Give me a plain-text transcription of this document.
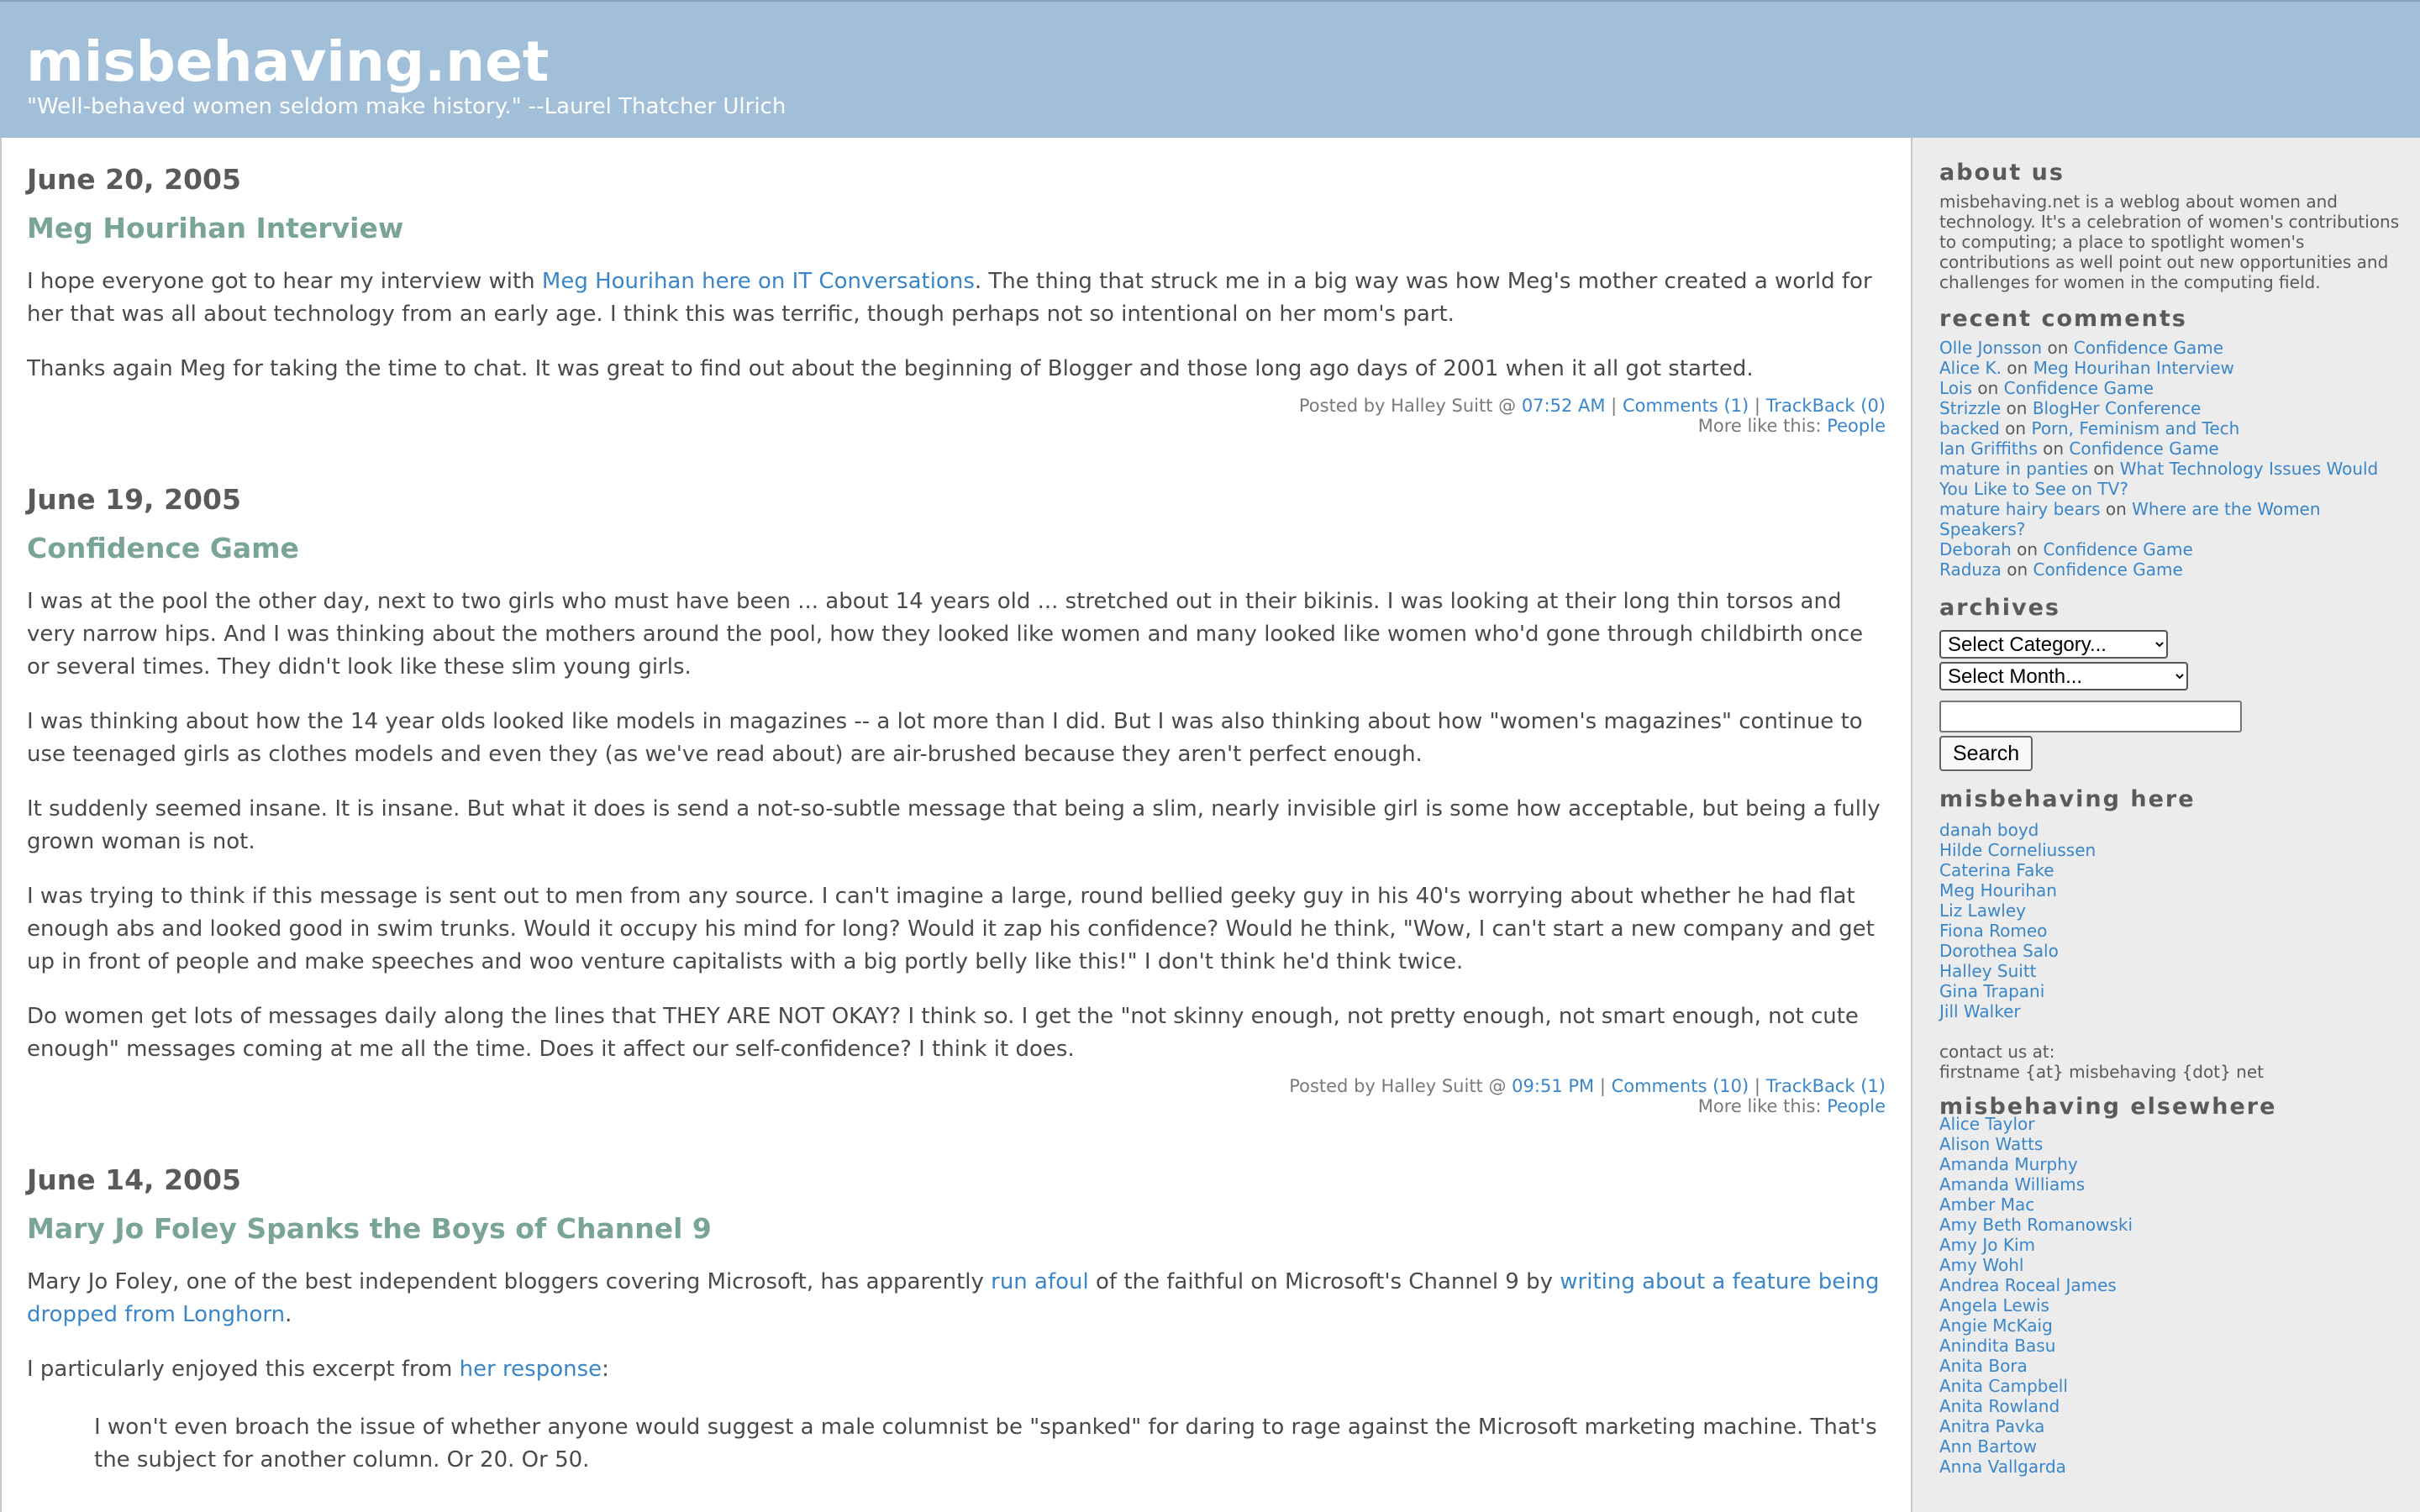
misbehaving.net
"Well-behaved women seldom make history." --Laurel Thatcher Ulrich
June 20, 2005
Meg Hourihan Interview

I hope everyone got to hear my interview with Meg Hourihan here on IT Conversations. The thing that struck me in a big way was how Meg's mother created a world for her that was all about technology from an early age. I think this was terrific, though perhaps not so intentional on her mom's part.

Thanks again Meg for taking the time to chat. It was great to find out about the beginning of Blogger and those long ago days of 2001 when it all got started.

Posted by Halley Suitt @ 07:52 AM | Comments (1) | TrackBack (0)
More like this: People
June 19, 2005
Confidence Game

I was at the pool the other day, next to two girls who must have been ... about 14 years old ... stretched out in their bikinis. I was looking at their long thin torsos and very narrow hips. And I was thinking about the mothers around the pool, how they looked like women and many looked like women who'd gone through childbirth once or several times. They didn't look like these slim young girls.

I was thinking about how the 14 year olds looked like models in magazines -- a lot more than I did. But I was also thinking about how "women's magazines" continue to use teenaged girls as clothes models and even they (as we've read about) are air-brushed because they aren't perfect enough.

It suddenly seemed insane. It is insane. But what it does is send a not-so-subtle message that being a slim, nearly invisible girl is some how acceptable, but being a fully grown woman is not.

I was trying to think if this message is sent out to men from any source. I can't imagine a large, round bellied geeky guy in his 40's worrying about whether he had flat enough abs and looked good in swim trunks. Would it occupy his mind for long? Would it zap his confidence? Would he think, "Wow, I can't start a new company and get up in front of people and make speeches and woo venture capitalists with a big portly belly like this!" I don't think he'd think twice.

Do women get lots of messages daily along the lines that THEY ARE NOT OKAY? I think so. I get the "not skinny enough, not pretty enough, not smart enough, not cute enough" messages coming at me all the time. Does it affect our self-confidence? I think it does.

Posted by Halley Suitt @ 09:51 PM | Comments (10) | TrackBack (1)
More like this: People
June 14, 2005
Mary Jo Foley Spanks the Boys of Channel 9

Mary Jo Foley, one of the best independent bloggers covering Microsoft, has apparently run afoul of the faithful on Microsoft's Channel 9 by writing about a feature being dropped from Longhorn.

I particularly enjoyed this excerpt from her response:

I won't even broach the issue of whether anyone would suggest a male columnist be "spanked" for daring to rage against the Microsoft marketing machine. That's the subject for another column. Or 20. Or 50.
about us
misbehaving.net is a weblog about women and technology. It's a celebration of women's contributions to computing; a place to spotlight women's contributions as well point out new opportunities and challenges for women in the computing field.
recent comments
Olle Jonsson on Confidence Game
Alice K. on Meg Hourihan Interview
Lois on Confidence Game
Strizzle on BlogHer Conference
backed on Porn, Feminism and Tech
Ian Griffiths on Confidence Game
mature in panties on What Technology Issues Would You Like to See on TV?
mature hairy bears on Where are the Women Speakers?
Deborah on Confidence Game
Raduza on Confidence Game
archives
Select Category...
Select Month...
Search
misbehaving here
danah boyd
Hilde Corneliussen
Caterina Fake
Meg Hourihan
Liz Lawley
Fiona Romeo
Dorothea Salo
Halley Suitt
Gina Trapani
Jill Walker
contact us at:
firstname {at} misbehaving {dot} net
misbehaving elsewhere
Alice Taylor
Alison Watts
Amanda Murphy
Amanda Williams
Amber Mac
Amy Beth Romanowski
Amy Jo Kim
Amy Wohl
Andrea Roceal James
Angela Lewis
Angie McKaig
Anindita Basu
Anita Bora
Anita Campbell
Anita Rowland
Anitra Pavka
Ann Bartow
Anna Vallgarda
